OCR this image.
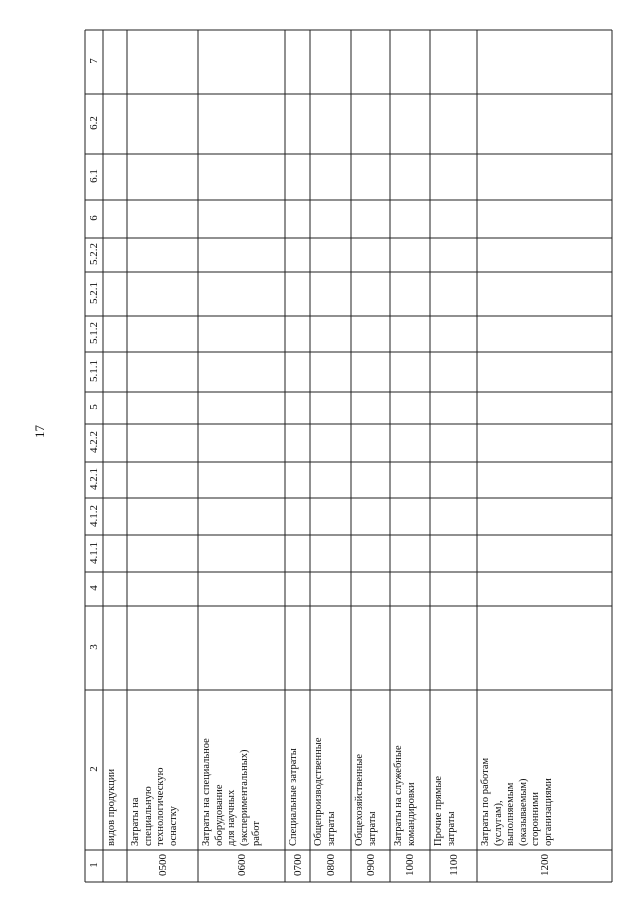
17
7
6.2
6.1
6
5.2.2
5.2.1
5.1.2
5.1.1
5
4.2.2
4.2.1
4.1.2
4.1.1
4
3
2
1
видов продукции
0500
Затраты на
специальную
технологическую
оснастку
0600
Затраты на специальное
оборудование
для научных
(экспериментальных)
работ
0700
Специальные затраты
0800
Общепроизводственные
затраты
0900
Общехозяйственные
затраты
1000
Затраты на служебные
командировки
1100
Прочие прямые
затраты
1200
Затраты по работам
(услугам),
выполняемым
(оказываемым)
сторонними
организациями
